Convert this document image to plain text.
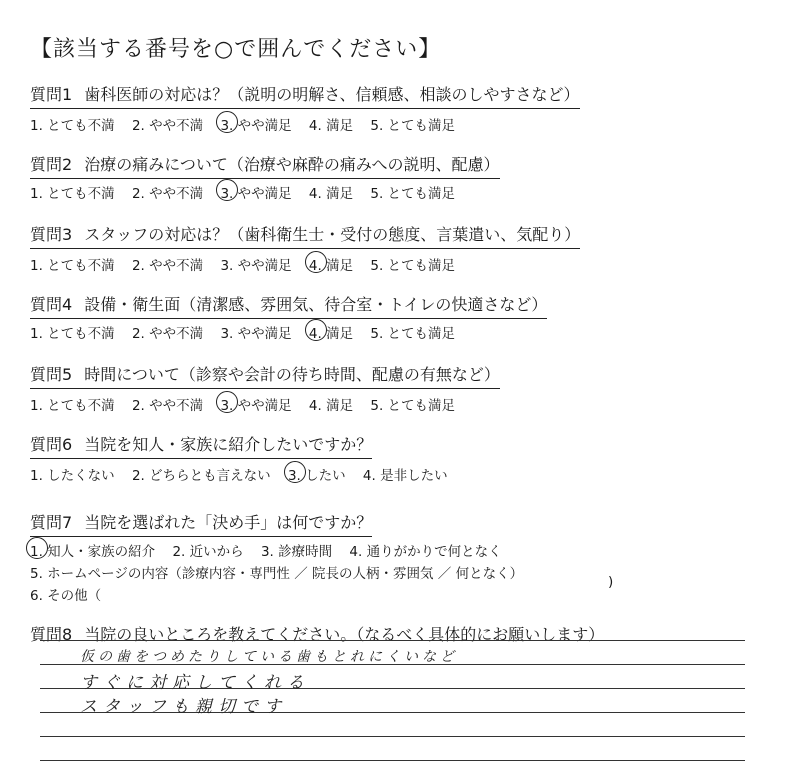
【該当する番号を○で囲んでください】
質問1 歯科医師の対応は？（説明の明解さ、信頼感、相談のしやすさなど）
1. とても不満 2. やや不満 3. やや満足 4. 満足 5. とても満足
質問2 治療の痛みについて（治療や麻酔の痛みへの説明、配慮）
1. とても不満 2. やや不満 3. やや満足 4. 満足 5. とても満足
質問3 スタッフの対応は？（歯科衛生士・受付の態度、言葉遣い、気配り）
1. とても不満 2. やや不満 3. やや満足 4. 満足 5. とても満足
質問4 設備・衛生面（清潔感、雰囲気、待合室・トイレの快適さなど）
1. とても不満 2. やや不満 3. やや満足 4. 満足 5. とても満足
質問5 時間について（診察や会計の待ち時間、配慮の有無など）
1. とても不満 2. やや不満 3. やや満足 4. 満足 5. とても満足
質問6 当院を知人・家族に紹介したいですか？
1. したくない 2. どちらとも言えない 3. したい 4. 是非したい
質問7 当院を選ばれた「決め手」は何ですか？
1. 知人・家族の紹介 2. 近いから 3. 診療時間 4. 通りがかりで何となく
5. ホームページの内容（診療内容・専門性 ／ 院長の人柄・雰囲気 ／ 何となく）
6. その他（
)
質問8 当院の良いところを教えてください。（なるべく具体的にお願いします）
仮の歯をつめたりしている歯もとれにくいなど
すぐに対応してくれる
スタッフも親切です
